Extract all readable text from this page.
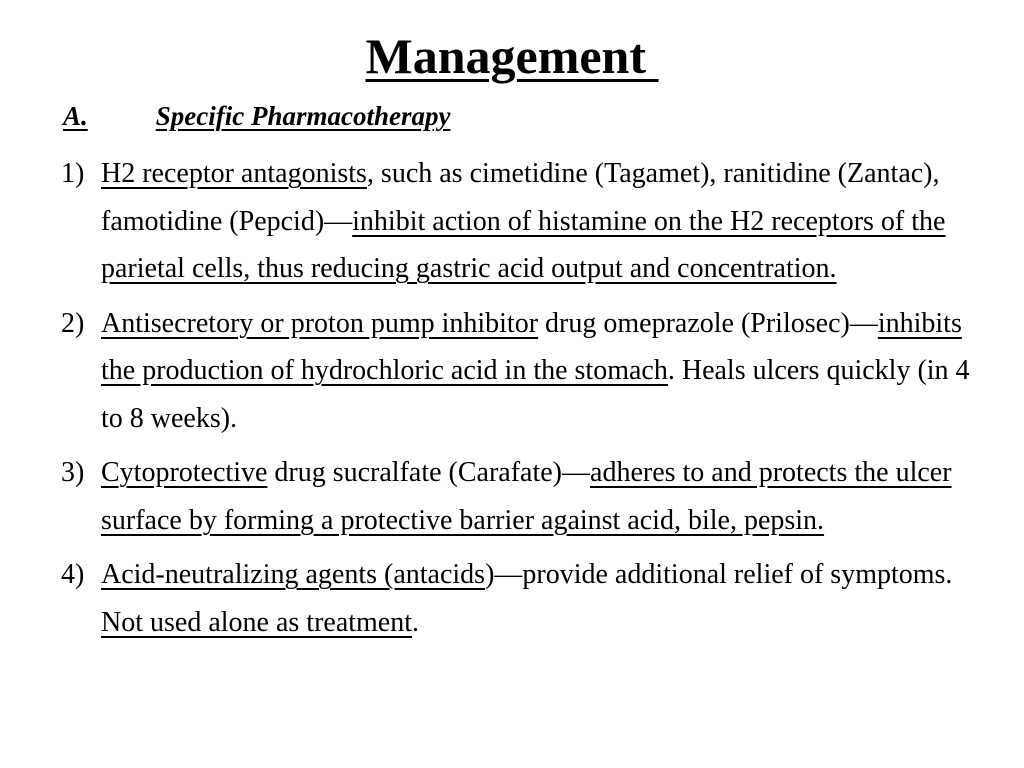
Management
A.	Specific Pharmacotherapy
1) H2 receptor antagonists, such as cimetidine (Tagamet), ranitidine (Zantac), famotidine (Pepcid)—inhibit action of histamine on the H2 receptors of the parietal cells, thus reducing gastric acid output and concentration.
2) Antisecretory or proton pump inhibitor drug omeprazole (Prilosec)—inhibits the production of hydrochloric acid in the stomach. Heals ulcers quickly (in 4 to 8 weeks).
3) Cytoprotective drug sucralfate (Carafate)—adheres to and protects the ulcer surface by forming a protective barrier against acid, bile, pepsin.
4) Acid-neutralizing agents (antacids)—provide additional relief of symptoms. Not used alone as treatment.
